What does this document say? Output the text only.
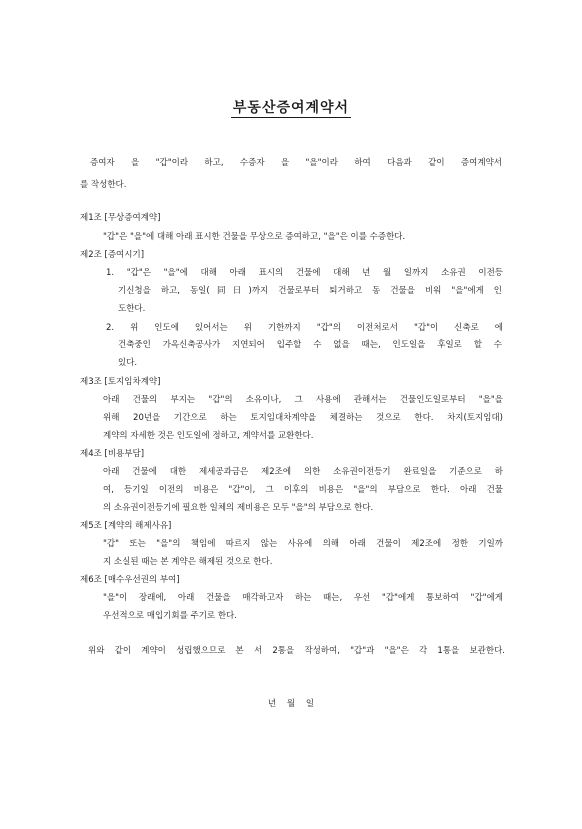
부동산증여계약서
증여자 을 "갑"이라 하고, 수증자 을 "을"이라 하여 다음과 같이 증여계약서
를 작성한다.
제1조 [무상증여계약]
"갑"은 "을"에 대해 아래 표시한 건물을 무상으로 증여하고, "을"은 이를 수증한다.
제2조 [증여시기]
1. "갑"은 "을"에 대해 아래 표시의 건물에 대해 년 월 일까지 소유권 이전등
기신청을 하고, 동일(同日)까지 건물로부터 퇴거하고 동 건물을 비워 "을"에게 인
도한다.
2. 위 인도에 있어서는 위 기한까지 "갑"의 이전처로서 "갑"이 신축로 에
건축중인 가옥신축공사가 지연되어 입주할 수 없을 때는, 인도일을 후일로 할 수
있다.
제3조 [토지임차계약]
아래 건물의 부지는 "갑"의 소유이나, 그 사용에 관해서는 건물인도일로부터 "을"을
위해 20년을 기간으로 하는 토지임대차계약을 체결하는 것으로 한다. 차지(토지임대)
계약의 자세한 것은 인도일에 정하고, 계약서를 교환한다.
제4조 [비용부담]
아래 건물에 대한 제세공과금은 제2조에 의한 소유권이전등기 완료일을 기준으로 하
여, 등기일 이전의 비용은 "갑"이, 그 이후의 비용은 "을"의 부담으로 한다. 아래 건물
의 소유권이전등기에 필요한 일체의 제비용은 모두 "을"의 부담으로 한다.
제5조 [계약의 해제사유]
"갑" 또는 "을"의 책임에 따르지 않는 사유에 의해 아래 건물이 제2조에 정한 기일까
지 소실된 때는 본 계약은 해제된 것으로 한다.
제6조 [매수우선권의 부여]
"을"이 장래에, 아래 건물을 매각하고자 하는 때는, 우선 "갑"에게 통보하여 "갑"에게
우선적으로 매입기회를 주기로 한다.
위와 같이 계약이 성립했으므로 본 서 2통을 작성하여, "갑"과 "을"은 각 1통을 보관한다.
년    월    일
